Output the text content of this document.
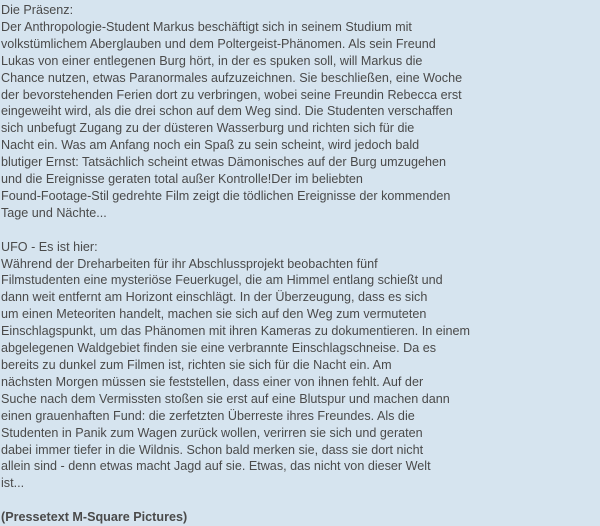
Die Präsenz:
Der Anthropologie-Student Markus beschäftigt sich in seinem Studium mit
volkstümlichem Aberglauben und dem Poltergeist-Phänomen. Als sein Freund
Lukas von einer entlegenen Burg hört, in der es spuken soll, will Markus die
Chance nutzen, etwas Paranormales aufzuzeichnen. Sie beschließen, eine Woche
der bevorstehenden Ferien dort zu verbringen, wobei seine Freundin Rebecca erst
eingeweiht wird, als die drei schon auf dem Weg sind. Die Studenten verschaffen
sich unbefugt Zugang zu der düsteren Wasserburg und richten sich für die
Nacht ein. Was am Anfang noch ein Spaß zu sein scheint, wird jedoch bald
blutiger Ernst: Tatsächlich scheint etwas Dämonisches auf der Burg umzugehen
und die Ereignisse geraten total außer Kontrolle!Der im beliebten
Found-Footage-Stil gedrehte Film zeigt die tödlichen Ereignisse der kommenden
Tage und Nächte...
UFO - Es ist hier:
Während der Dreharbeiten für ihr Abschlussprojekt beobachten fünf
Filmstudenten eine mysteriöse Feuerkugel, die am Himmel entlang schießt und
dann weit entfernt am Horizont einschlägt. In der Überzeugung, dass es sich
um einen Meteoriten handelt, machen sie sich auf den Weg zum vermuteten
Einschlagspunkt, um das Phänomen mit ihren Kameras zu dokumentieren. In einem
abgelegenen Waldgebiet finden sie eine verbrannte Einschlagschneise. Da es
bereits zu dunkel zum Filmen ist, richten sie sich für die Nacht ein. Am
nächsten Morgen müssen sie feststellen, dass einer von ihnen fehlt. Auf der
Suche nach dem Vermissten stoßen sie erst auf eine Blutspur und machen dann
einen grauenhaften Fund: die zerfetzten Überreste ihres Freundes. Als die
Studenten in Panik zum Wagen zurück wollen, verirren sie sich und geraten
dabei immer tiefer in die Wildnis. Schon bald merken sie, dass sie dort nicht
allein sind - denn etwas macht Jagd auf sie. Etwas, das nicht von dieser Welt
ist...
(Pressetext M-Square Pictures)
